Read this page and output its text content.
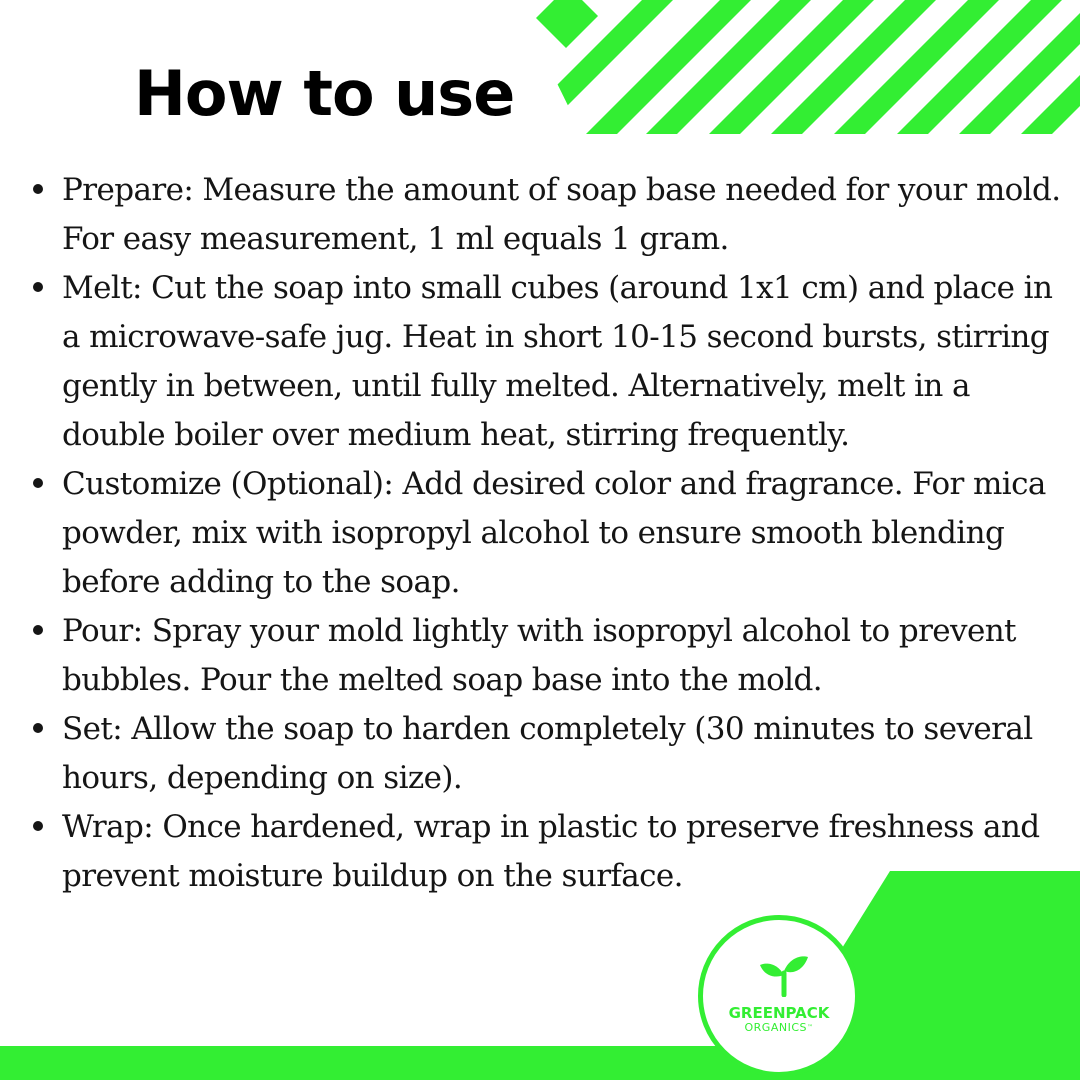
How to use
Prepare: Measure the amount of soap base needed for your mold. For easy measurement, 1 ml equals 1 gram.
Melt: Cut the soap into small cubes (around 1x1 cm) and place in a microwave-safe jug. Heat in short 10-15 second bursts, stirring gently in between, until fully melted. Alternatively, melt in a double boiler over medium heat, stirring frequently.
Customize (Optional): Add desired color and fragrance. For mica powder, mix with isopropyl alcohol to ensure smooth blending before adding to the soap.
Pour: Spray your mold lightly with isopropyl alcohol to prevent bubbles. Pour the melted soap base into the mold.
Set: Allow the soap to harden completely (30 minutes to several hours, depending on size).
Wrap: Once hardened, wrap in plastic to preserve freshness and prevent moisture buildup on the surface.
GREENPACK
ORGANICS™
